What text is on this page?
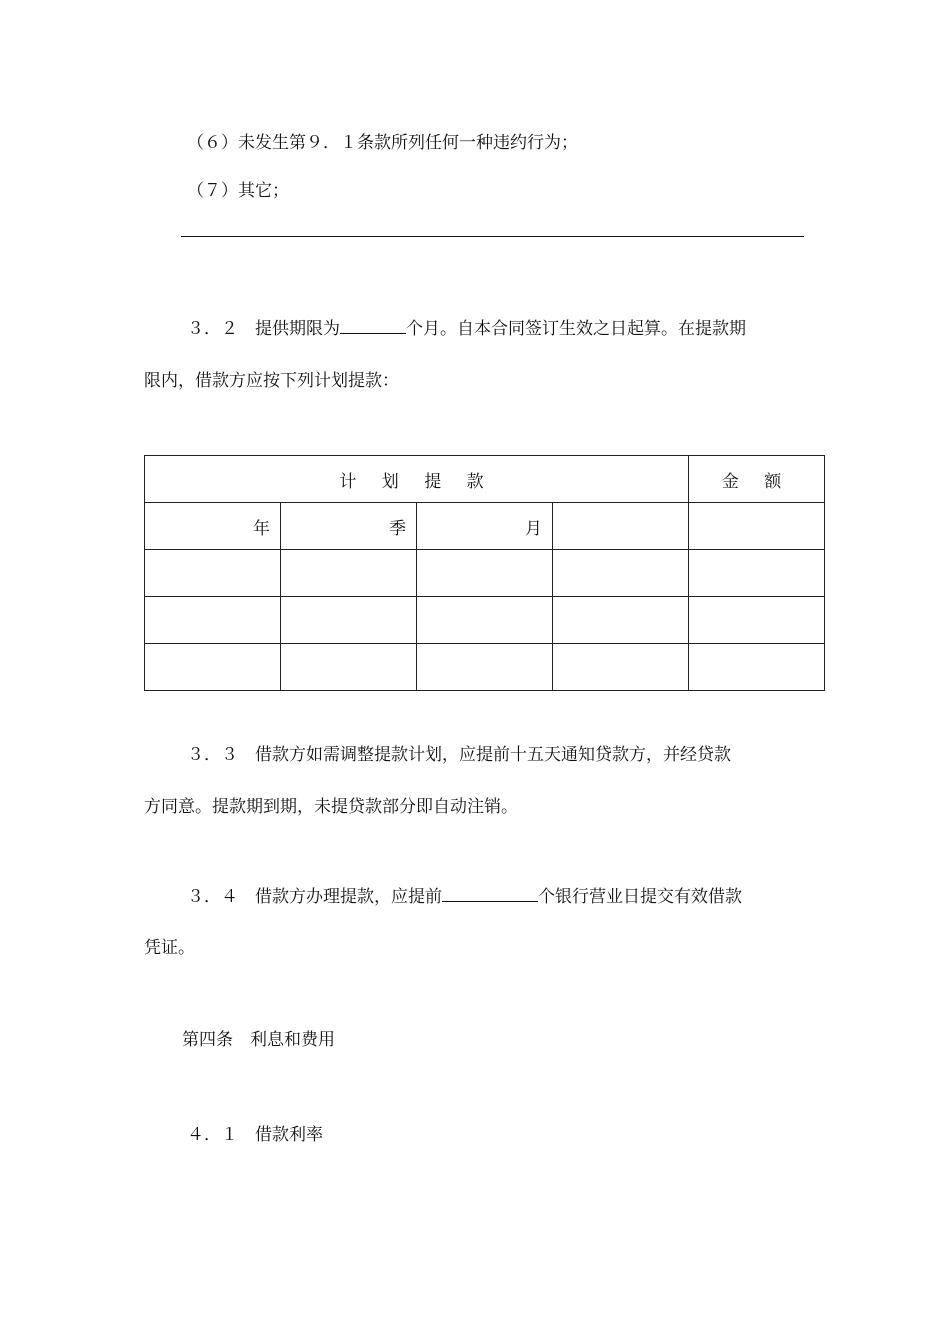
（６）未发生第９．１条款所列任何一种违约行为；
（７）其它；
３．２　 提供期限为	个月。自本合同签订生效之日起算。在提款期
限内，借款方应按下列计划提款：
计 划 提 款				金 额
年	季	月		

３．３　 借款方如需调整提款计划，应提前十五天通知贷款方，并经贷款
方同意。提款期到期，未提贷款部分即自动注销。
３．４　 借款方办理提款，应提前	个银行营业日提交有效借款
凭证。
第四条　利息和费用
４．１　 借款利率
